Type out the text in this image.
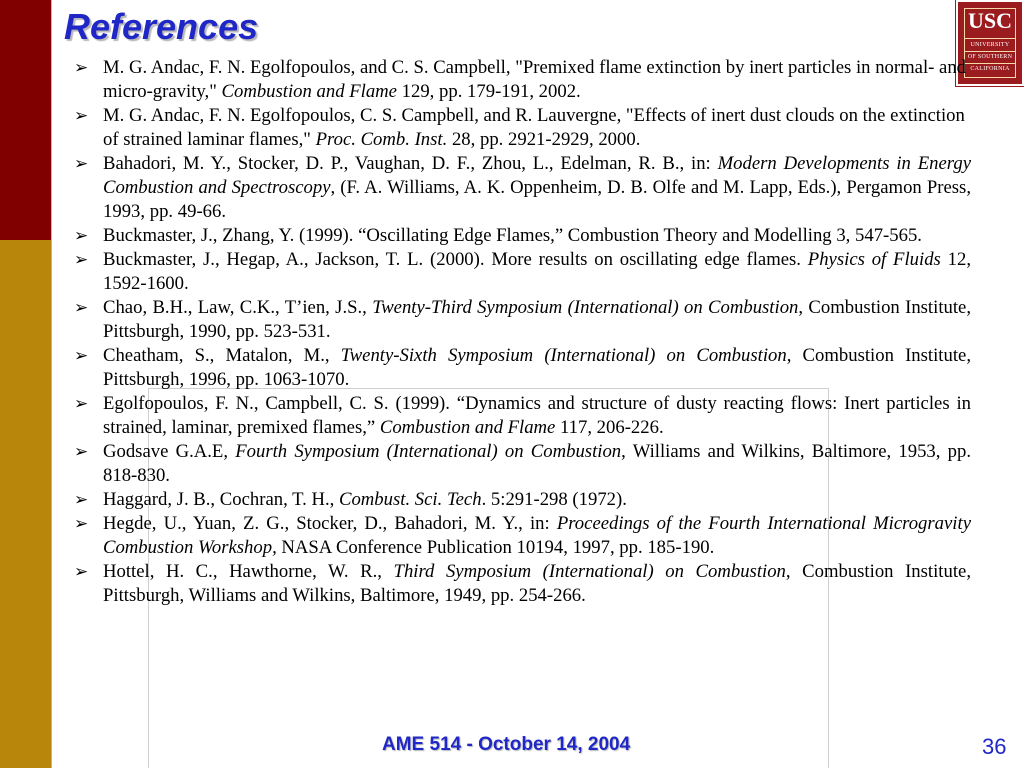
References	USC
UNIVERSITY
OF SOUTHERN
CALIFORNIA
➢ M. G. Andac, F. N. Egolfopoulos, and C. S. Campbell, "Premixed flame extinction by inert particles in normal- and micro-gravity," Combustion and Flame 129, pp. 179-191, 2002.
➢ M. G. Andac, F. N. Egolfopoulos, C. S. Campbell, and R. Lauvergne, "Effects of inert dust clouds on the extinction of strained laminar flames," Proc. Comb. Inst. 28, pp. 2921-2929, 2000.
➢ Bahadori, M. Y., Stocker, D. P., Vaughan, D. F., Zhou, L., Edelman, R. B., in: Modern Developments in Energy Combustion and Spectroscopy, (F. A. Williams, A. K. Oppenheim, D. B. Olfe and M. Lapp, Eds.), Pergamon Press, 1993, pp. 49-66.
➢ Buckmaster, J., Zhang, Y. (1999). “Oscillating Edge Flames,” Combustion Theory and Modelling 3, 547-565.
➢ Buckmaster, J., Hegap, A., Jackson, T. L. (2000). More results on oscillating edge flames. Physics of Fluids 12, 1592-1600.
➢ Chao, B.H., Law, C.K., T’ien, J.S., Twenty-Third Symposium (International) on Combustion, Combustion Institute, Pittsburgh, 1990, pp. 523-531.
➢ Cheatham, S., Matalon, M., Twenty-Sixth Symposium (International) on Combustion, Combustion Institute, Pittsburgh, 1996, pp. 1063-1070.
➢ Egolfopoulos, F. N., Campbell, C. S. (1999). “Dynamics and structure of dusty reacting flows: Inert particles in strained, laminar, premixed flames,” Combustion and Flame 117, 206-226.
➢ Godsave G.A.E, Fourth Symposium (International) on Combustion, Williams and Wilkins, Baltimore, 1953, pp. 818-830.
➢ Haggard, J. B., Cochran, T. H., Combust. Sci. Tech. 5:291-298 (1972).
➢ Hegde, U., Yuan, Z. G., Stocker, D., Bahadori, M. Y., in: Proceedings of the Fourth International Microgravity Combustion Workshop, NASA Conference Publication 10194, 1997, pp. 185-190.
➢ Hottel, H. C., Hawthorne, W. R., Third Symposium (International) on Combustion, Combustion Institute, Pittsburgh, Williams and Wilkins, Baltimore, 1949, pp. 254-266.
AME 514 - October 14, 2004	36
